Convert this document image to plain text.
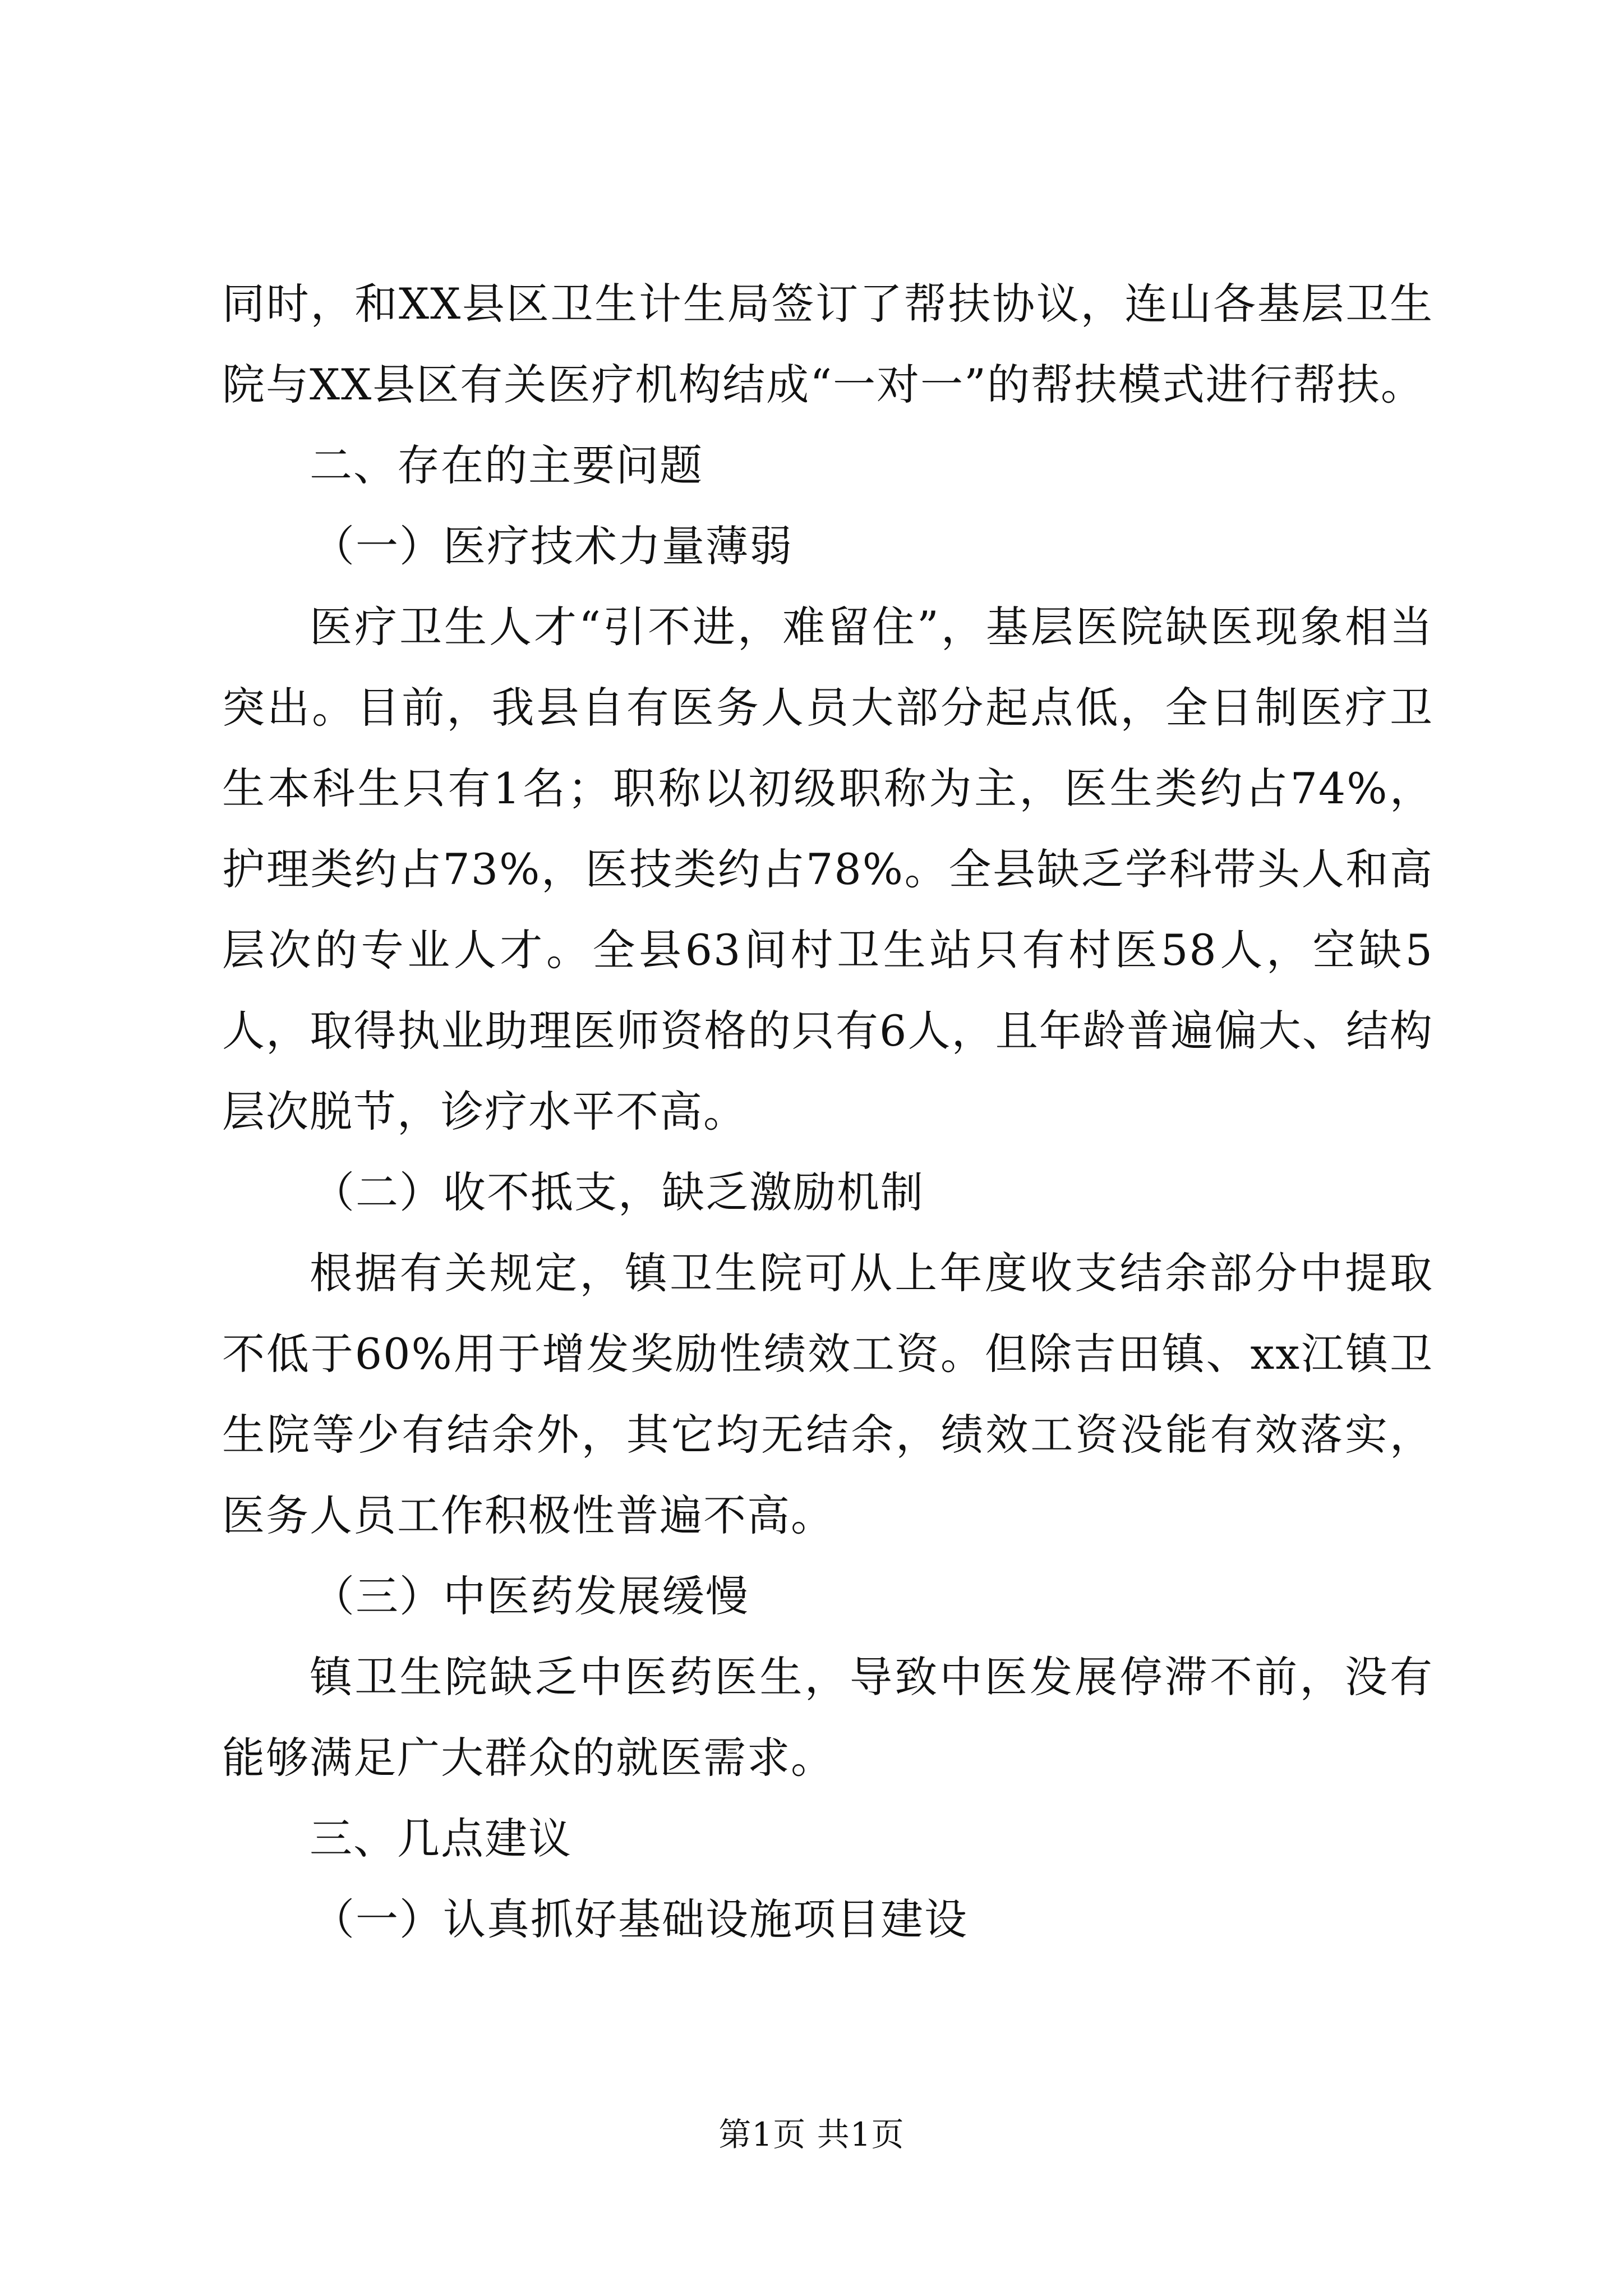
同时，和XX县区卫生计生局签订了帮扶协议，连山各基层卫生院与XX县区有关医疗机构结成“一对一”的帮扶模式进行帮扶。

二、存在的主要问题

（一）医疗技术力量薄弱

医疗卫生人才“引不进，难留住”，基层医院缺医现象相当突出。目前，我县自有医务人员大部分起点低，全日制医疗卫生本科生只有1名；职称以初级职称为主，医生类约占74%，护理类约占73%，医技类约占78%。全县缺乏学科带头人和高层次的专业人才。全县63间村卫生站只有村医58人，空缺5人，取得执业助理医师资格的只有6人，且年龄普遍偏大、结构层次脱节，诊疗水平不高。

（二）收不抵支，缺乏激励机制

根据有关规定，镇卫生院可从上年度收支结余部分中提取不低于60%用于增发奖励性绩效工资。但除吉田镇、xx江镇卫生院等少有结余外，其它均无结余，绩效工资没能有效落实，医务人员工作积极性普遍不高。

（三）中医药发展缓慢

镇卫生院缺乏中医药医生，导致中医发展停滞不前，没有能够满足广大群众的就医需求。

三、几点建议

（一）认真抓好基础设施项目建设

第1页 共1页
